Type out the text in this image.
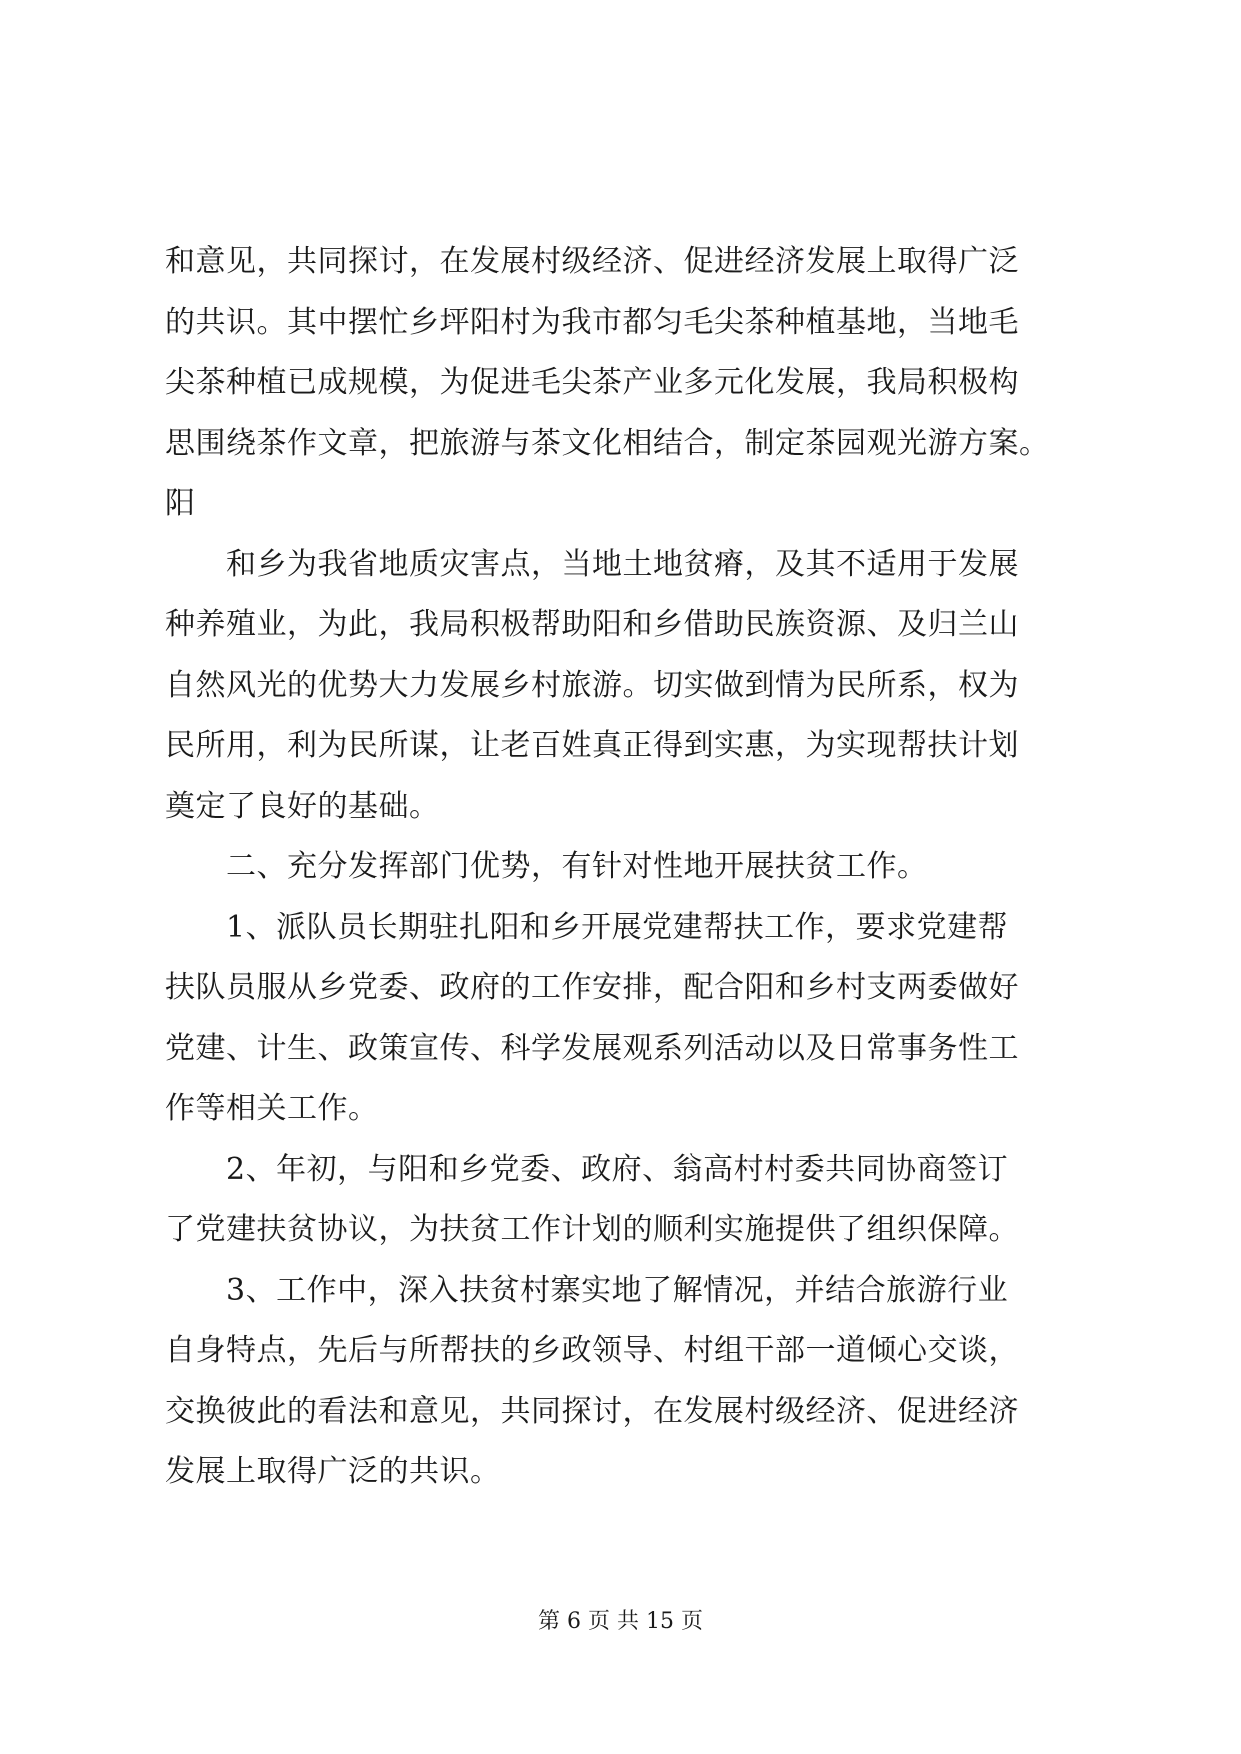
和意见，共同探讨，在发展村级经济、促进经济发展上取得广泛
的共识。其中摆忙乡坪阳村为我市都匀毛尖茶种植基地，当地毛
尖茶种植已成规模，为促进毛尖茶产业多元化发展，我局积极构
思围绕茶作文章，把旅游与茶文化相结合，制定茶园观光游方案。
阳
　　和乡为我省地质灾害点，当地土地贫瘠，及其不适用于发展
种养殖业，为此，我局积极帮助阳和乡借助民族资源、及归兰山
自然风光的优势大力发展乡村旅游。切实做到情为民所系，权为
民所用，利为民所谋，让老百姓真正得到实惠，为实现帮扶计划
奠定了良好的基础。
　　二、充分发挥部门优势，有针对性地开展扶贫工作。
　　1、派队员长期驻扎阳和乡开展党建帮扶工作，要求党建帮
扶队员服从乡党委、政府的工作安排，配合阳和乡村支两委做好
党建、计生、政策宣传、科学发展观系列活动以及日常事务性工
作等相关工作。
　　2、年初，与阳和乡党委、政府、翁高村村委共同协商签订
了党建扶贫协议，为扶贫工作计划的顺利实施提供了组织保障。
　　3、工作中，深入扶贫村寨实地了解情况，并结合旅游行业
自身特点，先后与所帮扶的乡政领导、村组干部一道倾心交谈，
交换彼此的看法和意见，共同探讨，在发展村级经济、促进经济
发展上取得广泛的共识。
第 6 页 共 15 页
